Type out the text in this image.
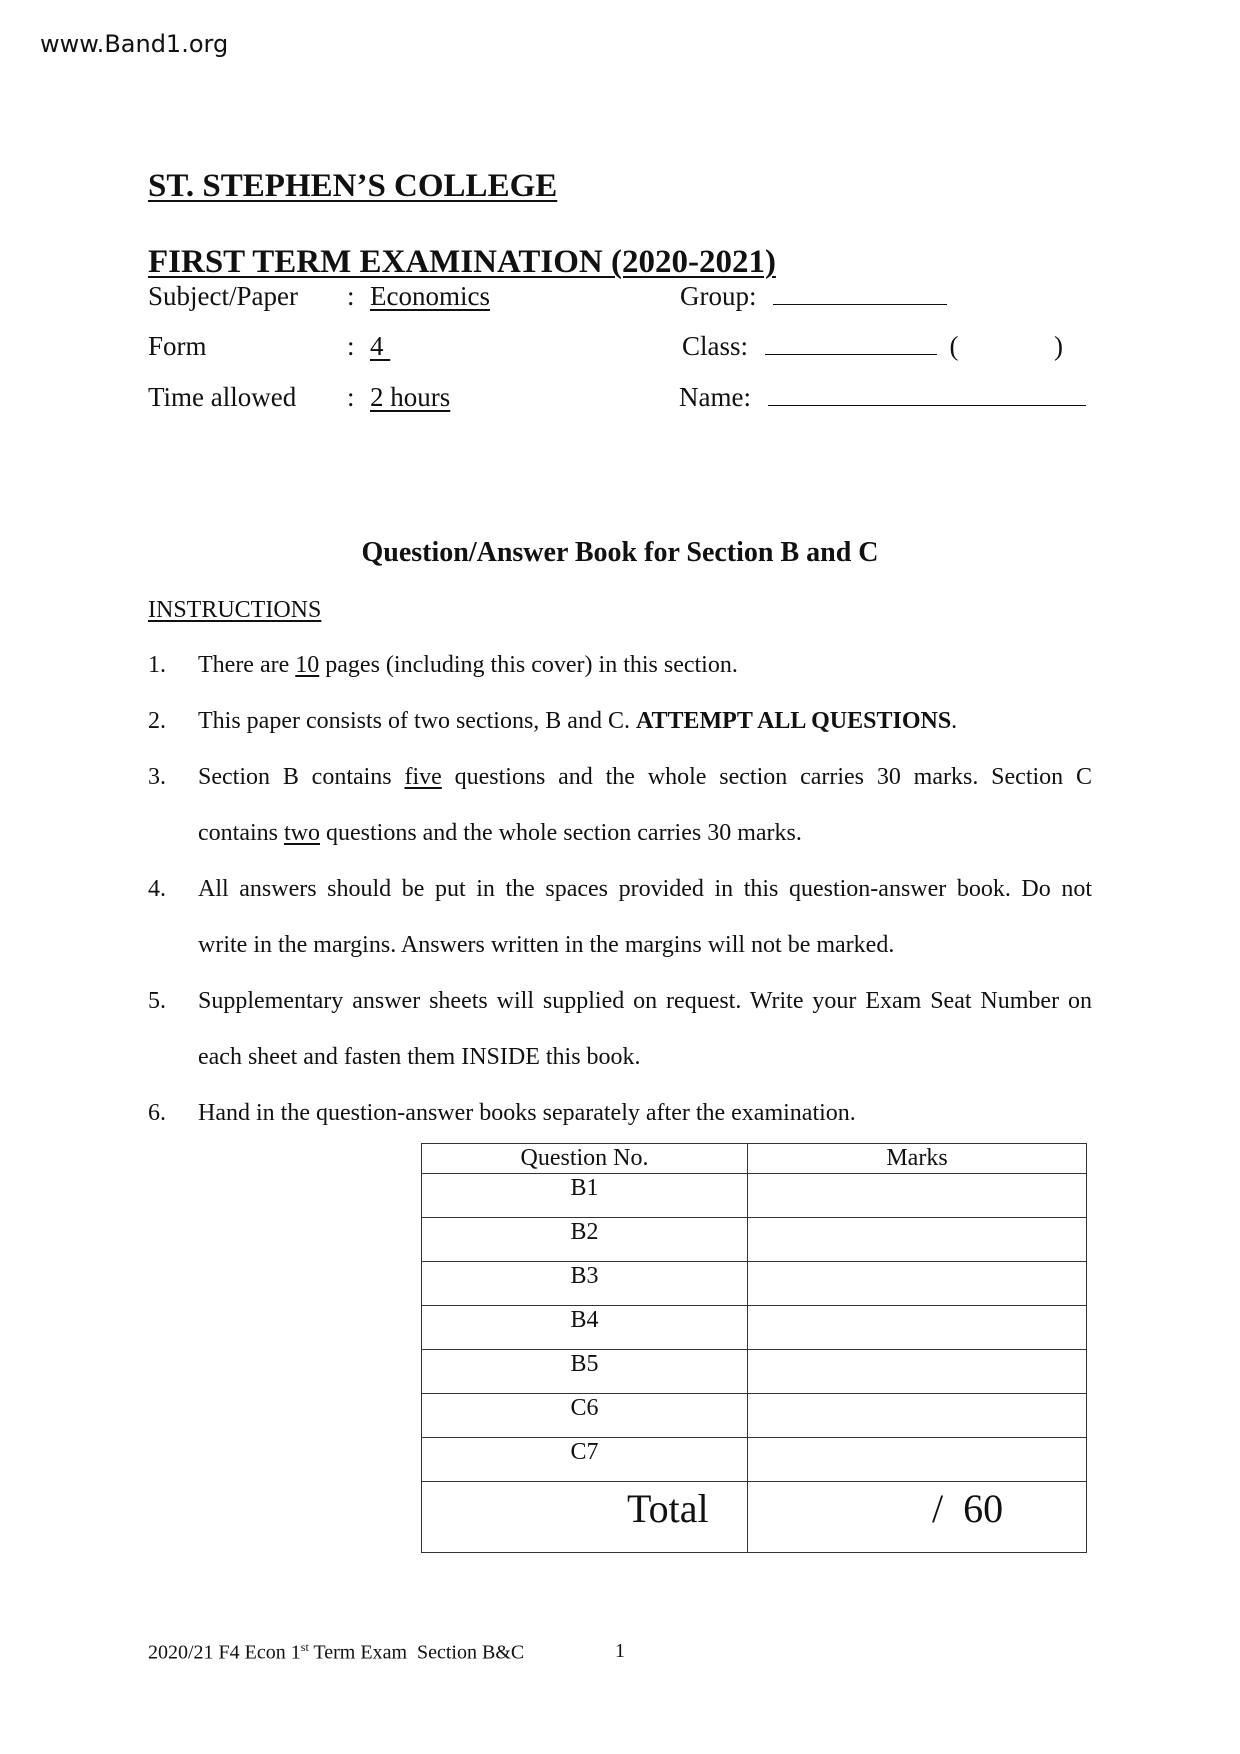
www.Band1.org
ST. STEPHEN’S COLLEGE
FIRST TERM EXAMINATION (2020-2021)
Subject/Paper : Economics
Form	: 4
Time allowed : 2 hours
Group:
Class:	(	)
Name:
Question/Answer Book for Section B and C
INSTRUCTIONS
1. There are 10 pages (including this cover) in this section.
2. This paper consists of two sections, B and C. ATTEMPT ALL QUESTIONS.
3. Section B contains five questions and the whole section carries 30 marks. Section C
contains two questions and the whole section carries 30 marks.
4. All answers should be put in the spaces provided in this question-answer book. Do not
write in the margins. Answers written in the margins will not be marked.
5. Supplementary answer sheets will supplied on request. Write your Exam Seat Number on
each sheet and fasten them INSIDE this book.
6. Hand in the question-answer books separately after the examination.
Question No.	Marks
B1	
B2	
B3	
B4	
B5	
C6	
C7	

Total	/  60
2020/21 F4 Econ 1st Term Exam  Section B&C	1
